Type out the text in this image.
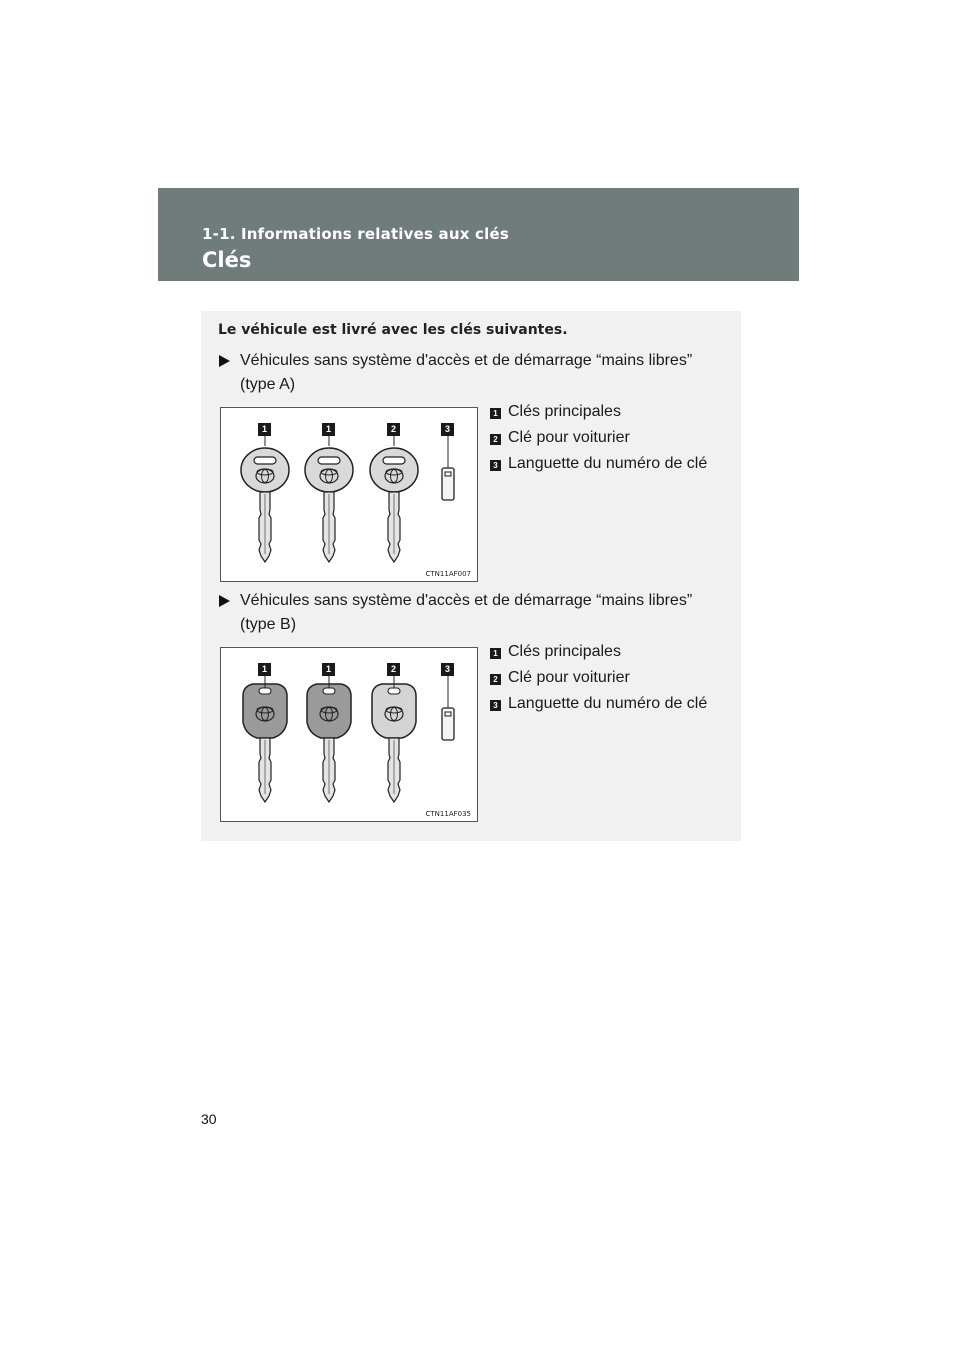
1-1. Informations relatives aux clés
Clés
Le véhicule est livré avec les clés suivantes.
Véhicules sans système d'accès et de démarrage “mains libres”
(type A)
1	1	2	3
CTN11AF007
1 Clés principales
2 Clé pour voiturier
3 Languette du numéro de clé
Véhicules sans système d'accès et de démarrage “mains libres”
(type B)
1	1	2	3
CTN11AF035
1 Clés principales
2 Clé pour voiturier
3 Languette du numéro de clé
30
